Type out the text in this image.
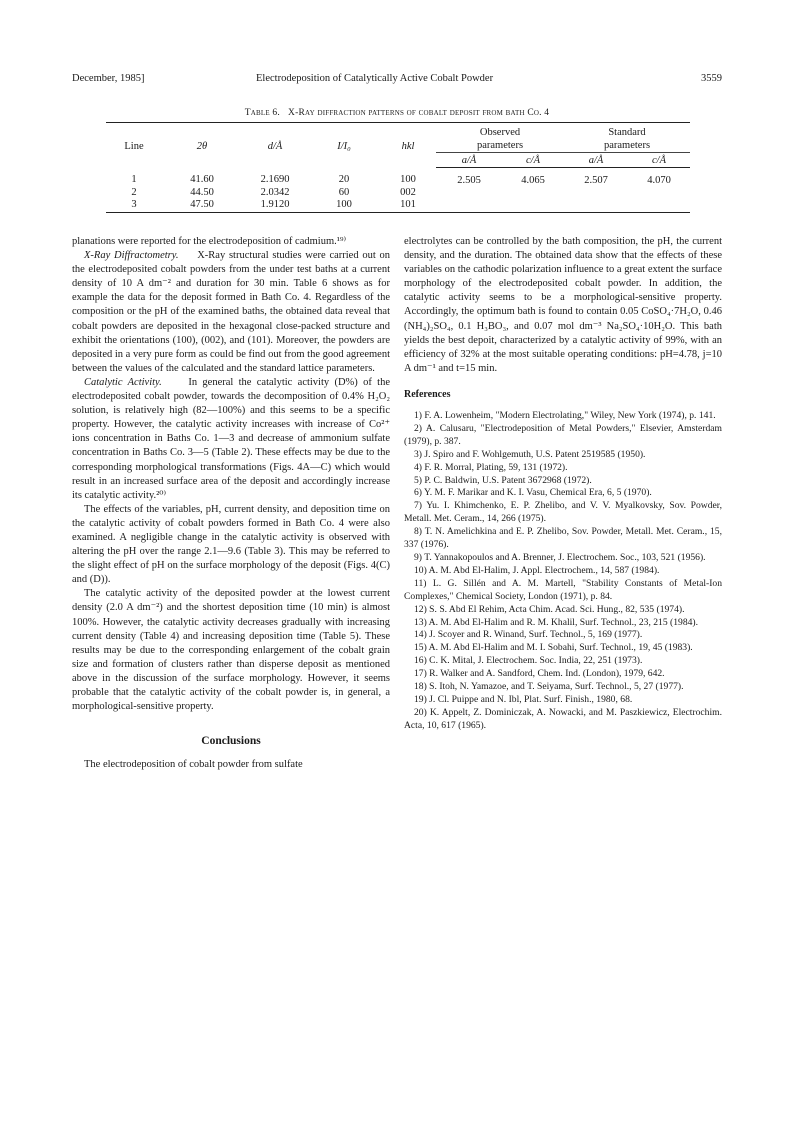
December, 1985]	Electrodeposition of Catalytically Active Cobalt Powder	3559
Table 6. X-Ray diffraction patterns of cobalt deposit from bath Co. 4
Line	2θ	d/Å	I/I₀	hkl	Observed		Standard	
					parameters		parameters	
					a/Å	c/Å	a/Å	c/Å
1	41.60	2.1690	20	100	2.505	4.065	2.507	4.070
2	44.50	2.0342	60	002				
3	47.50	1.9120	100	101				

planations were reported for the electrodeposition of cadmium.¹⁹⁾

X-Ray Diffractometry. X-Ray structural studies were carried out on the electrodeposited cobalt powders from the under test baths at a current density of 10 A dm⁻² and duration for 30 min. Table 6 shows as for example the data for the deposit formed in Bath Co. 4. Regardless of the composition or the pH of the examined baths, the obtained data reveal that cobalt powders are deposited in the hexagonal close-packed structure and exhibit the orientations (100), (002), and (101). Moreover, the powders are deposited in a very pure form as could be find out from the good agreement between the values of the calculated and the standard lattice parameters.

Catalytic Activity.	In general the catalytic activity (D%) of the electrodeposited cobalt powder, towards the decomposition of 0.4% H₂O₂ solution, is relatively high (82—100%) and this seems to be a specific property. However, the catalytic activity increases with increase of Co²⁺ ions concentration in Baths Co. 1—3 and decrease of ammonium sulfate concentration in Baths Co. 3—5 (Table 2). These effects may be due to the corresponding morphological transformations (Figs. 4A—C) which would result in an increased surface area of the deposit and accordingly increase its catalytic activity.²⁰⁾

The effects of the variables, pH, current density, and deposition time on the catalytic activity of cobalt powders formed in Bath Co. 4 were also examined. A negligible change in the catalytic activity is observed with altering the pH over the range 2.1—9.6 (Table 3). This may be referred to the slight effect of pH on the surface morphology of the deposit (Figs. 4(C) and (D)).

The catalytic activity of the deposited powder at the lowest current density (2.0 A dm⁻²) and the shortest deposition time (10 min) is almost 100%. However, the catalytic activity decreases gradually with increasing current density (Table 4) and increasing deposition time (Table 5). These results may be due to the corresponding enlargement of the cobalt grain size and formation of clusters rather than disperse deposit as mentioned above in the discussion of the surface morphology. However, it seems probable that the catalytic activity of the cobalt powder is, in general, a morphological-sensitive property.

Conclusions

The electrodeposition of cobalt powder from sulfate

electrolytes can be controlled by the bath composition, the pH, the current density, and the duration. The obtained data show that the effects of these variables on the cathodic polarization influence to a great extent the surface morphology of the electrodeposited cobalt powder. In addition, the catalytic activity seems to be a morphological-sensitive property. Accordingly, the optimum bath is found to contain 0.05 CoSO₄·7H₂O, 0.46 (NH₄)₂SO₄, 0.1 H₃BO₃, and 0.07 mol dm⁻³ Na₂SO₄·10H₂O. This bath yields the best depoit, characterized by a catalytic activity of 99%, with an efficiency of 32% at the most suitable operating conditions: pH=4.78, j=10 A dm⁻¹ and t=15 min.

References

1) F. A. Lowenheim, "Modern Electrolating," Wiley, New York (1974), p. 141.

2) A. Calusaru, "Electrodeposition of Metal Powders," Elsevier, Amsterdam (1979), p. 387.

3) J. Spiro and F. Wohlgemuth, U.S. Patent 2519585 (1950).

4) F. R. Morral, Plating, 59, 131 (1972).

5) P. C. Baldwin, U.S. Patent 3672968 (1972).

6) Y. M. F. Marikar and K. I. Vasu, Chemical Era, 6, 5 (1970).

7) Yu. I. Khimchenko, E. P. Zhelibo, and V. V. Myalkovsky, Sov. Powder, Metall. Met. Ceram., 14, 266 (1975).

8) T. N. Amelichkina and E. P. Zhelibo, Sov. Powder, Metall. Met. Ceram., 15, 337 (1976).

9) T. Yannakopoulos and A. Brenner, J. Electrochem. Soc., 103, 521 (1956).

10) A. M. Abd El-Halim, J. Appl. Electrochem., 14, 587 (1984).

11) L. G. Sillén and A. M. Martell, "Stability Constants of Metal-Ion Complexes," Chemical Society, London (1971), p. 84.

12) S. S. Abd El Rehim, Acta Chim. Acad. Sci. Hung., 82, 535 (1974).

13) A. M. Abd El-Halim and R. M. Khalil, Surf. Technol., 23, 215 (1984).

14) J. Scoyer and R. Winand, Surf. Technol., 5, 169 (1977).

15) A. M. Abd El-Halim and M. I. Sobahi, Surf. Technol., 19, 45 (1983).

16) C. K. Mital, J. Electrochem. Soc. India, 22, 251 (1973).

17) R. Walker and A. Sandford, Chem. Ind. (London), 1979, 642.

18) S. Itoh, N. Yamazoe, and T. Seiyama, Surf. Technol., 5, 27 (1977).

19) J. Cl. Puippe and N. Ibl, Plat. Surf. Finish., 1980, 68.

20) K. Appelt, Z. Dominiczak, A. Nowacki, and M. Paszkiewicz, Electrochim. Acta, 10, 617 (1965).
